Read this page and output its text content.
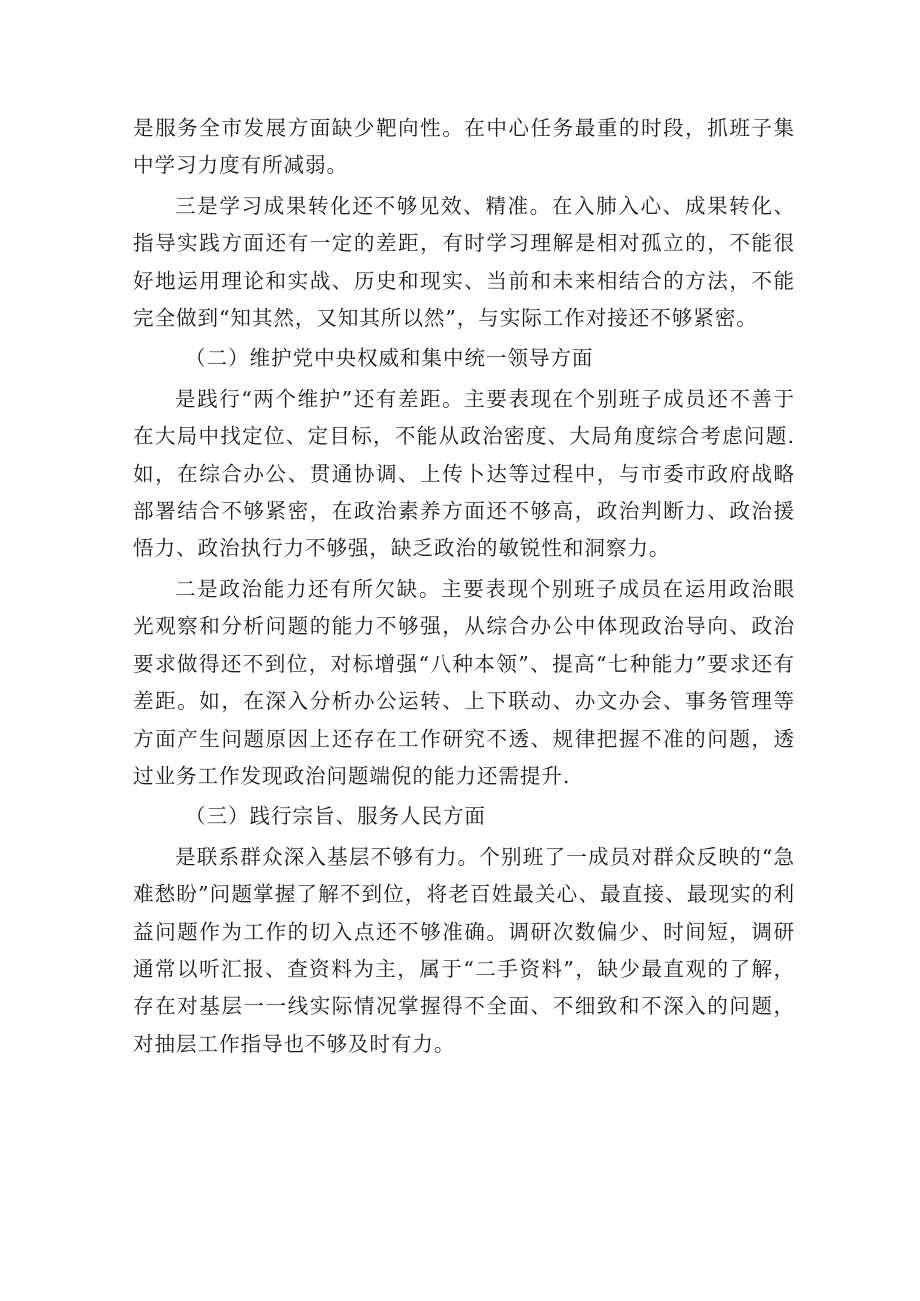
是服务全市发展方面缺少靶向性。在中心任务最重的时段，抓班子集中学习力度有所减弱。

三是学习成果转化还不够见效、精准。在入肺入心、成果转化、指导实践方面还有一定的差距，有时学习理解是相对孤立的，不能很好地运用理论和实战、历史和现实、当前和未来相结合的方法，不能完全做到“知其然，又知其所以然”，与实际工作对接还不够紧密。

（二）维护党中央权威和集中统一领导方面

是践行“两个维护”还有差距。主要表现在个别班子成员还不善于在大局中找定位、定目标，不能从政治密度、大局角度综合考虑问题.如，在综合办公、贯通协调、上传卜达等过程中，与市委市政府战略部署结合不够紧密，在政治素养方面还不够高，政治判断力、政治援悟力、政治执行力不够强，缺乏政治的敏锐性和洞察力。

二是政治能力还有所欠缺。主要表现个别班子成员在运用政治眼光观察和分析问题的能力不够强，从综合办公中体现政治导向、政治要求做得还不到位，对标增强“八种本领”、提高“七种能力”要求还有差距。如，在深入分析办公运转、上下联动、办文办会、事务管理等方面产生问题原因上还存在工作研究不透、规律把握不准的问题，透过业务工作发现政治问题端倪的能力还需提升.

（三）践行宗旨、服务人民方面

是联系群众深入基层不够有力。个别班了一成员对群众反映的“急难愁盼”问题掌握了解不到位，将老百姓最关心、最直接、最现实的利益问题作为工作的切入点还不够准确。调研次数偏少、时间短，调研通常以听汇报、查资料为主，属于“二手资料”，缺少最直观的了解，存在对基层一一线实际情况掌握得不全面、不细致和不深入的问题，对抽层工作指导也不够及时有力。
